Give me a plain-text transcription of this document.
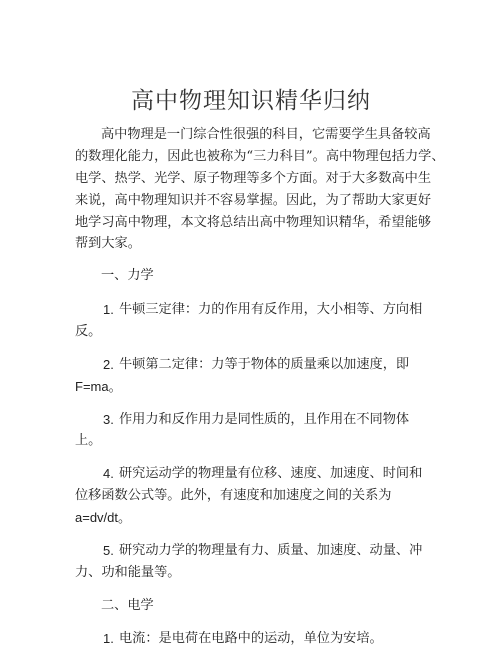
高中物理知识精华归纳
高中物理是一门综合性很强的科目，它需要学生具备较高
的数理化能力，因此也被称为“三力科目”。高中物理包括力学、
电学、热学、光学、原子物理等多个方面。对于大多数高中生
来说，高中物理知识并不容易掌握。因此，为了帮助大家更好
地学习高中物理，本文将总结出高中物理知识精华，希望能够
帮到大家。
一、力学
1. 牛顿三定律：力的作用有反作用，大小相等、方向相
反。
2. 牛顿第二定律：力等于物体的质量乘以加速度，即
F=ma。
3. 作用力和反作用力是同性质的，且作用在不同物体
上。
4. 研究运动学的物理量有位移、速度、加速度、时间和
位移函数公式等。此外，有速度和加速度之间的关系为
a=dv/dt。
5. 研究动力学的物理量有力、质量、加速度、动量、冲
力、功和能量等。
二、电学
1. 电流：是电荷在电路中的运动，单位为安培。
